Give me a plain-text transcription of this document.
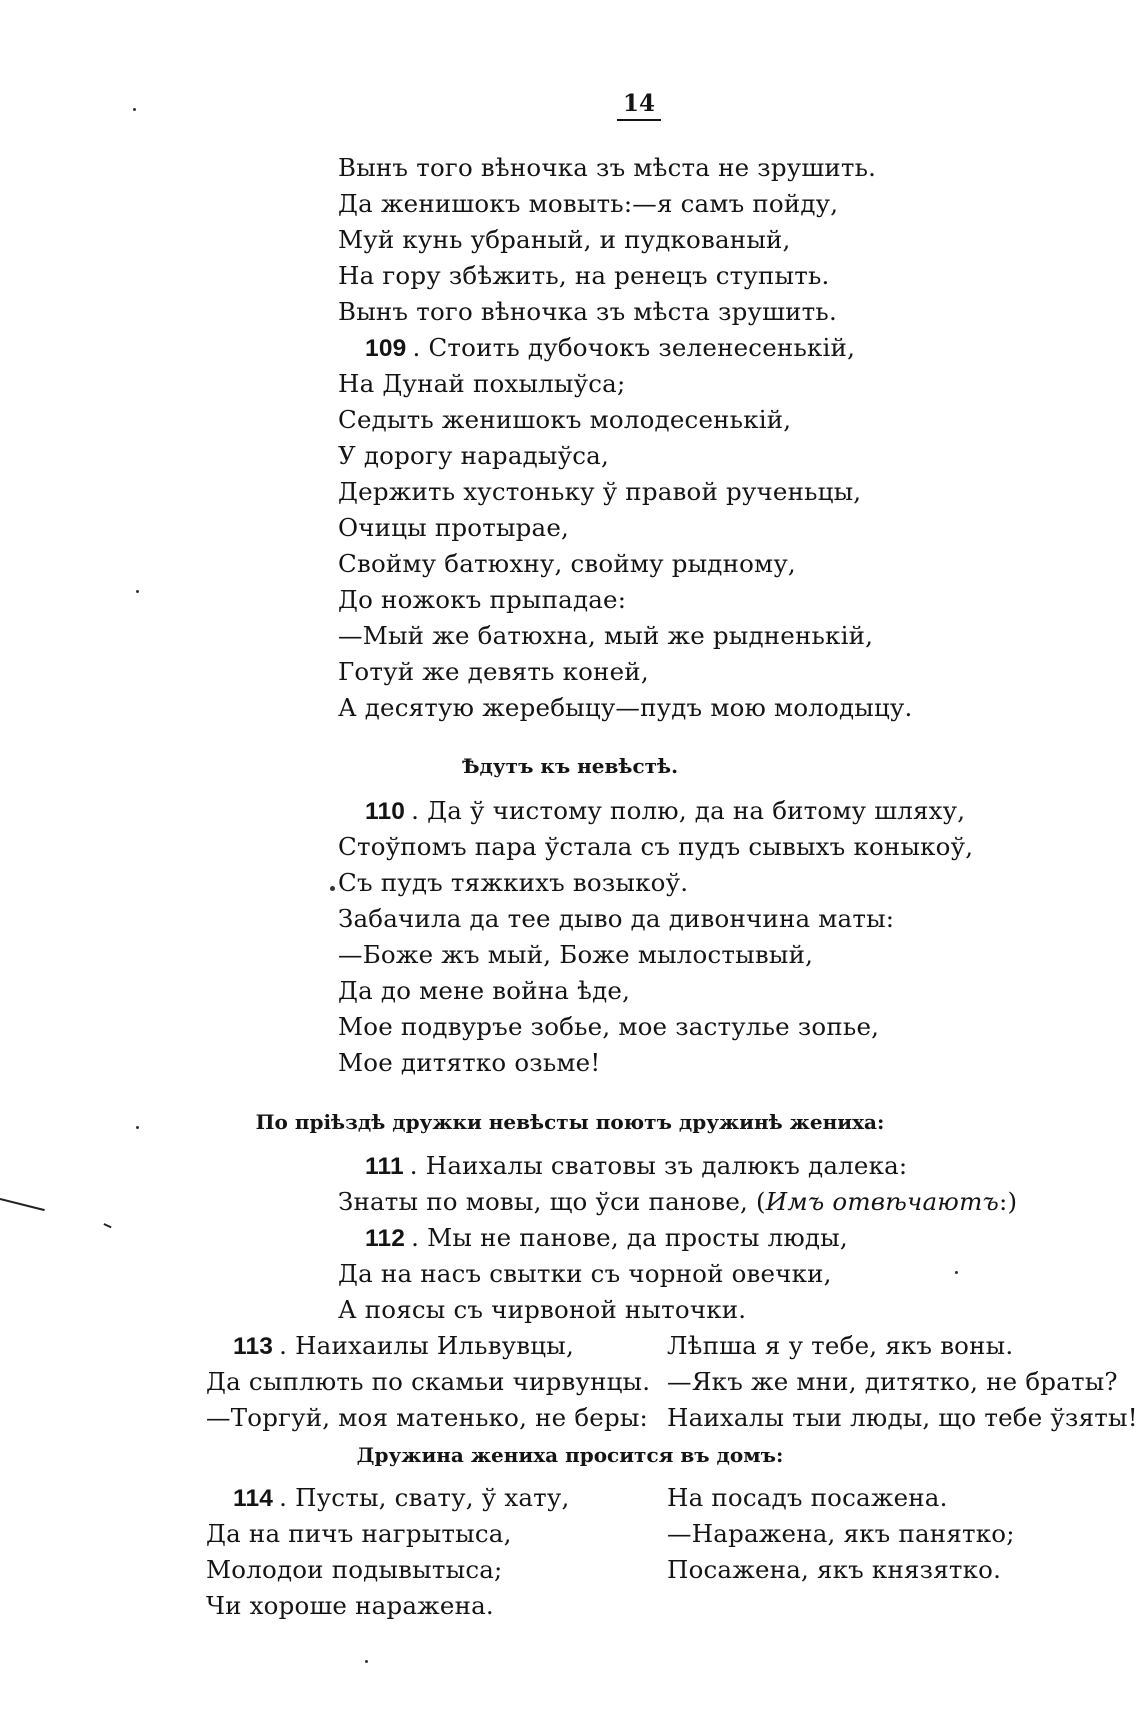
14
Вынъ того вѣночка зъ мѣста не зрушить.
Да женишокъ мовыть:—я самъ пойду,
Муй кунь убраный, и пудкованый,
На гору збѣжить, на ренецъ ступыть.
Вынъ того вѣночка зъ мѣста зрушить.
109 . Стоить дубочокъ зеленесенькій,
На Дунай похылыўса;
Седыть женишокъ молодесенькій,
У дорогу нарадыўса,
Держить хустоньку ў правой рученьцы,
Очицы протырае,
Свойму батюхну, свойму рыдному,
До ножокъ прыпадае:
—Мый же батюхна, мый же рыдненькій,
Готуй же девять коней,
А десятую жеребыцу—пудъ мою молодыцу.
Ѣдутъ къ невѣстѣ.
110 . Да ў чистому полю, да на битому шляху,
Стоўпомъ пара ўстала съ пудъ сывыхъ коныкоў,
Съ пудъ тяжкихъ возыкоў.
Забачила да тее дыво да дивончина маты:
—Боже жъ мый, Боже мылостывый,
Да до мене война ѣде,
Мое подвуръе зобье, мое застулье зопье,
Мое дитятко озьме!
По пріѣздѣ дружки невѣсты поютъ дружинѣ жениха:
111 . Наихалы сватовы зъ далюкъ далека:
Знаты по мовы, що ўси панове, (Имъ отвѣчаютъ:)
112 . Мы не панове, да просты люды,
Да на насъ свытки съ чорной овечки,
А поясы съ чирвоной ныточки.
113 . Наихаилы Ильвувцы,
Да сыплють по скамьи чирвунцы.
—Торгуй, моя матенько, не беры:
Лѣпша я у тебе, якъ воны.
—Якъ же мни, дитятко, не браты?
Наихалы тыи люды, що тебе ўзяты!
Дружина жениха просится въ домъ:
114 . Пусты, свату, ў хату,
Да на пичъ нагрытыса,
Молодои подывытыса;
Чи хороше наражена.
На посадъ посажена.
—Наражена, якъ панятко;
Посажена, якъ князятко.
